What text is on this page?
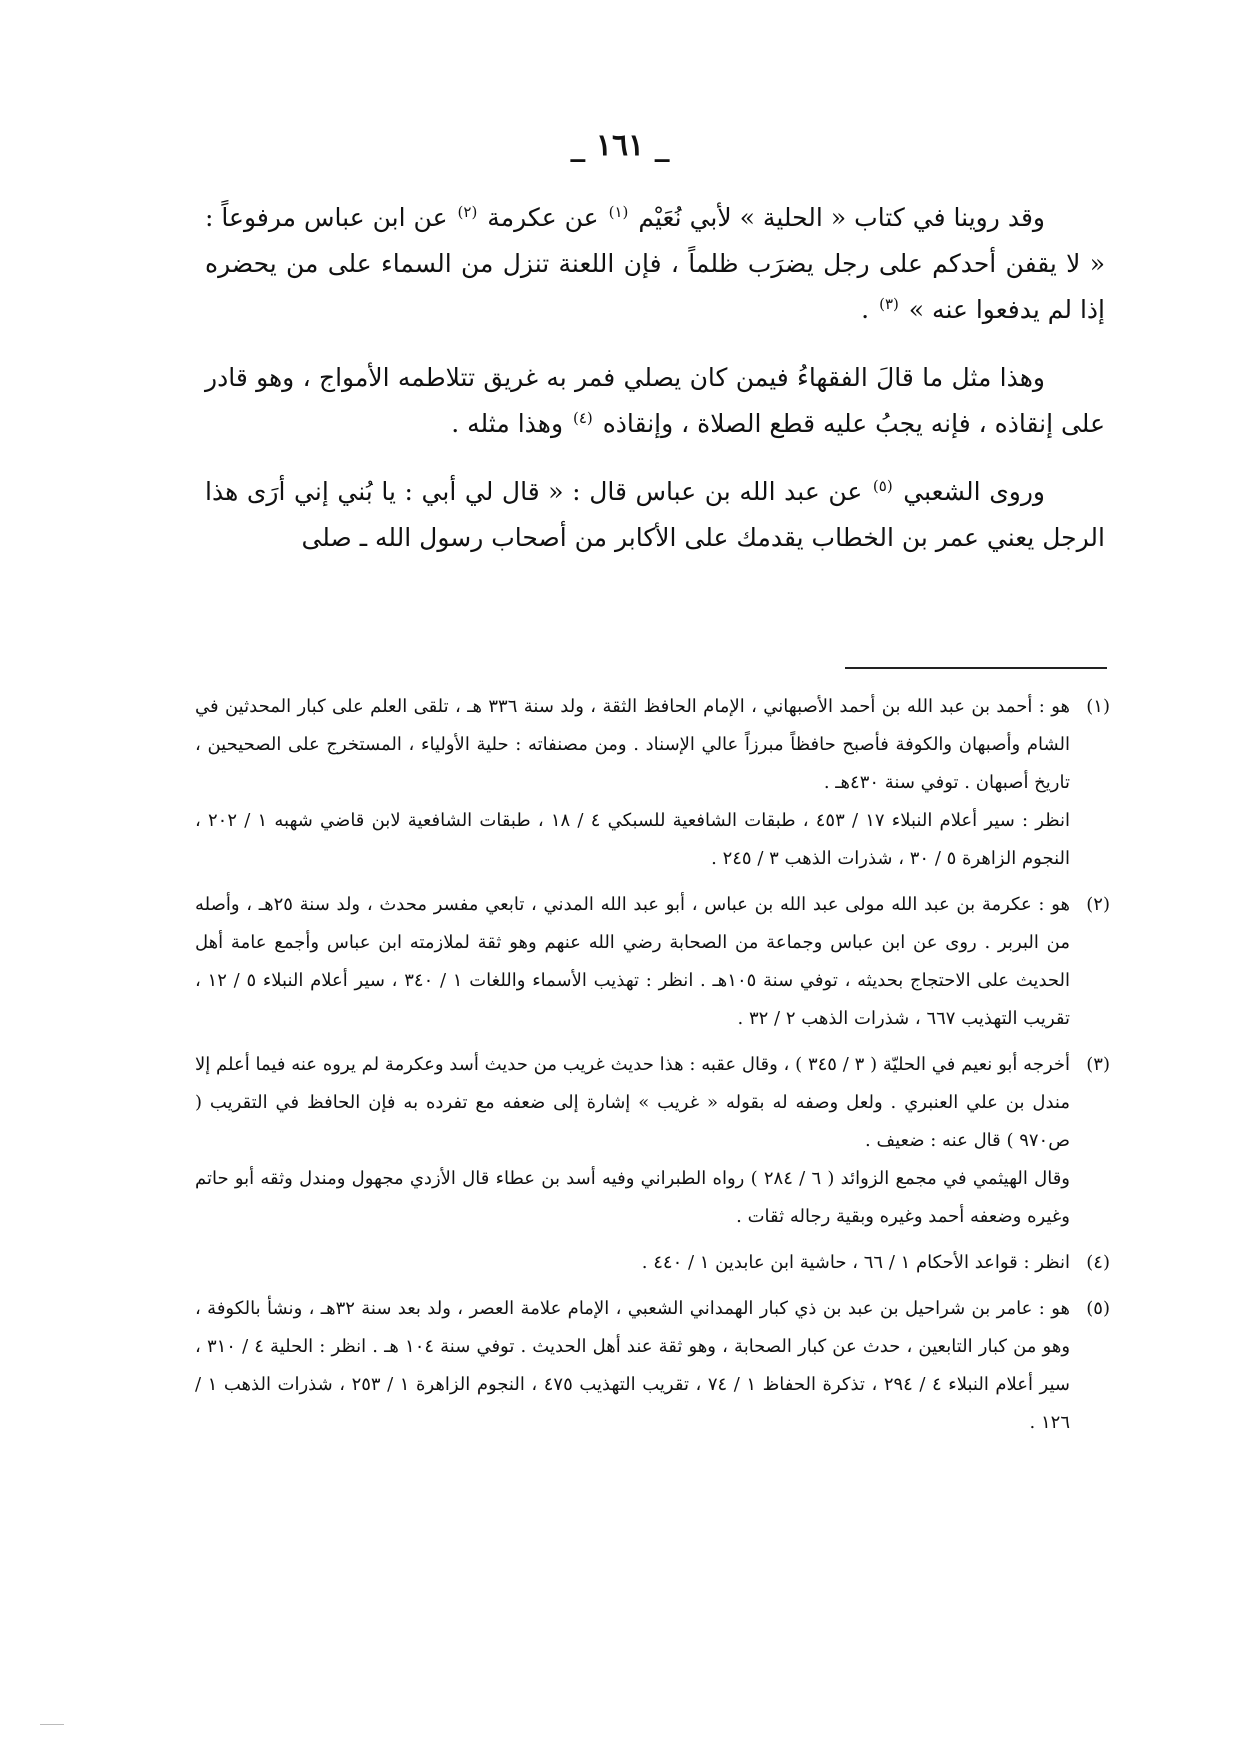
_ ١٦١ _

وقد روينا في كتاب « الحلية » لأبي نُعَيْم $^{(١)}$ عن عكرمة $^{(٢)}$ عن ابن عباس مرفوعاً : « لا يقفن أحدكم على رجل يضرَب ظلماً ، فإن اللعنة تنزل من السماء على من يحضره إذا لم يدفعوا عنه » $^{(٣)}$ .

وهذا مثل ما قالَ الفقهاءُ فيمن كان يصلي فمر به غريق تتلاطمه الأمواج ، وهو قادر على إنقاذه ، فإنه يجبُ عليه قطع الصلاة ، وإنقاذه $^{(٤)}$ وهذا مثله .

وروى الشعبي $^{(٥)}$ عن عبد الله بن عباس قال : « قال لي أبي : يا بُني إني أرَى هذا الرجل يعني عمر بن الخطاب يقدمك على الأكابر من أصحاب رسول الله ـ صلى

(١)

هو : أحمد بن عبد الله بن أحمد الأصبهاني ، الإمام الحافظ الثقة ، ولد سنة ٣٣٦ هـ ، تلقى العلم على كبار المحدثين في الشام وأصبهان والكوفة فأصبح حافظاً مبرزاً عالي الإسناد . ومن مصنفاته : حلية الأولياء ، المستخرج على الصحيحين ، تاريخ أصبهان . توفي سنة ٤٣٠هـ .

انظر : سير أعلام النبلاء ١٧ / ٤٥٣ ، طبقات الشافعية للسبكي ٤ / ١٨ ، طبقات الشافعية لابن قاضي شهبه ١ / ٢٠٢ ، النجوم الزاهرة ٥ / ٣٠ ، شذرات الذهب ٣ / ٢٤٥ .

(٢)

هو : عكرمة بن عبد الله مولى عبد الله بن عباس ، أبو عبد الله المدني ، تابعي مفسر محدث ، ولد سنة ٢٥هـ ، وأصله من البربر . روى عن ابن عباس وجماعة من الصحابة رضي الله عنهم وهو ثقة لملازمته ابن عباس وأجمع عامة أهل الحديث على الاحتجاج بحديثه ، توفي سنة ١٠٥هـ . انظر : تهذيب الأسماء واللغات ١ / ٣٤٠ ، سير أعلام النبلاء ٥ / ١٢ ، تقريب التهذيب ٦٦٧ ، شذرات الذهب ٢ / ٣٢ .

(٣)

أخرجه أبو نعيم في الحليّة ( ٣ / ٣٤٥ ) ، وقال عقبه : هذا حديث غريب من حديث أسد وعكرمة لم يروه عنه فيما أعلم إلا مندل بن علي العنبري . ولعل وصفه له بقوله « غريب » إشارة إلى ضعفه مع تفرده به فإن الحافظ في التقريب ( ص٩٧٠ ) قال عنه : ضعيف .

وقال الهيثمي في مجمع الزوائد ( ٦ / ٢٨٤ ) رواه الطبراني وفيه أسد بن عطاء قال الأزدي مجهول ومندل وثقه أبو حاتم وغيره وضعفه أحمد وغيره وبقية رجاله ثقات .

(٤)

انظر : قواعد الأحكام ١ / ٦٦ ، حاشية ابن عابدين ١ / ٤٤٠ .

(٥)

هو : عامر بن شراحيل بن عبد بن ذي كبار الهمداني الشعبي ، الإمام علامة العصر ، ولد بعد سنة ٣٢هـ ، ونشأ بالكوفة ، وهو من كبار التابعين ، حدث عن كبار الصحابة ، وهو ثقة عند أهل الحديث . توفي سنة ١٠٤ هـ . انظر : الحلية ٤ / ٣١٠ ، سير أعلام النبلاء ٤ / ٢٩٤ ، تذكرة الحفاظ ١ / ٧٤ ، تقريب التهذيب ٤٧٥ ، النجوم الزاهرة ١ / ٢٥٣ ، شذرات الذهب ١ / ١٢٦ .
